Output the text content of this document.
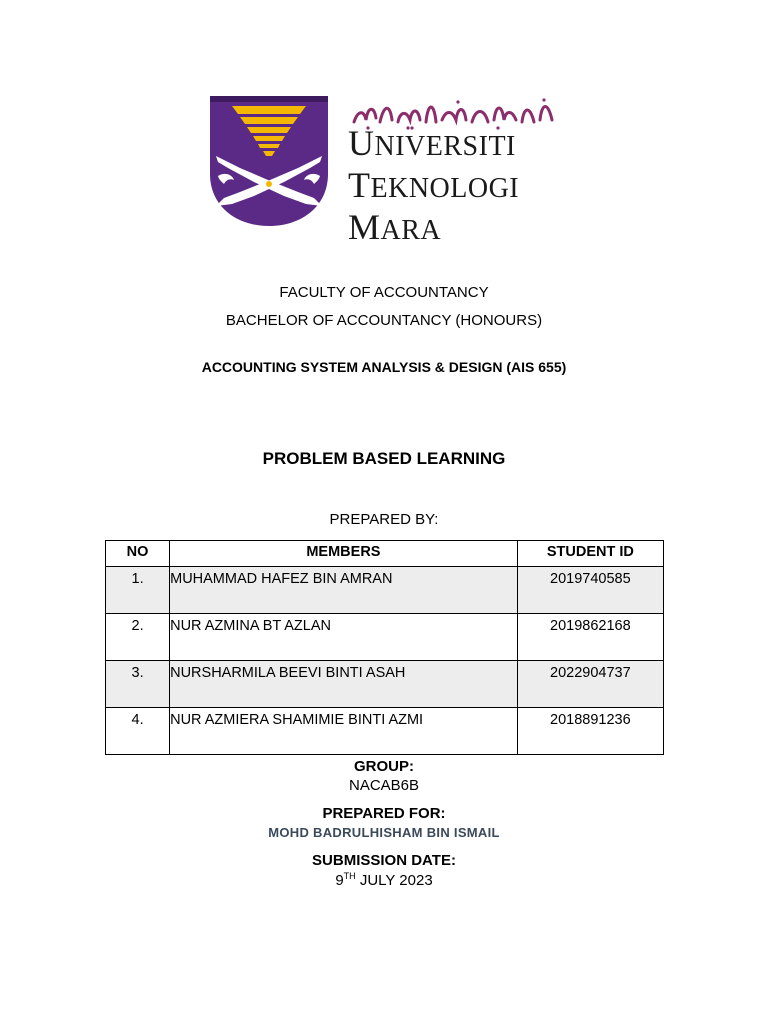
UNIVERSITI
TEKNOLOGI
MARA
FACULTY OF ACCOUNTANCY
BACHELOR OF ACCOUNTANCY (HONOURS)
ACCOUNTING SYSTEM ANALYSIS & DESIGN (AIS 655)
PROBLEM BASED LEARNING
PREPARED BY:
NO	MEMBERS	STUDENT ID
1.	MUHAMMAD HAFEZ BIN AMRAN	2019740585
2.	NUR AZMINA BT AZLAN	2019862168
3.	NURSHARMILA BEEVI BINTI ASAH	2022904737
4.	NUR AZMIERA SHAMIMIE BINTI AZMI	2018891236
GROUP:
NACAB6B
PREPARED FOR:
MOHD BADRULHISHAM BIN ISMAIL
SUBMISSION DATE:
9TH JULY 2023
